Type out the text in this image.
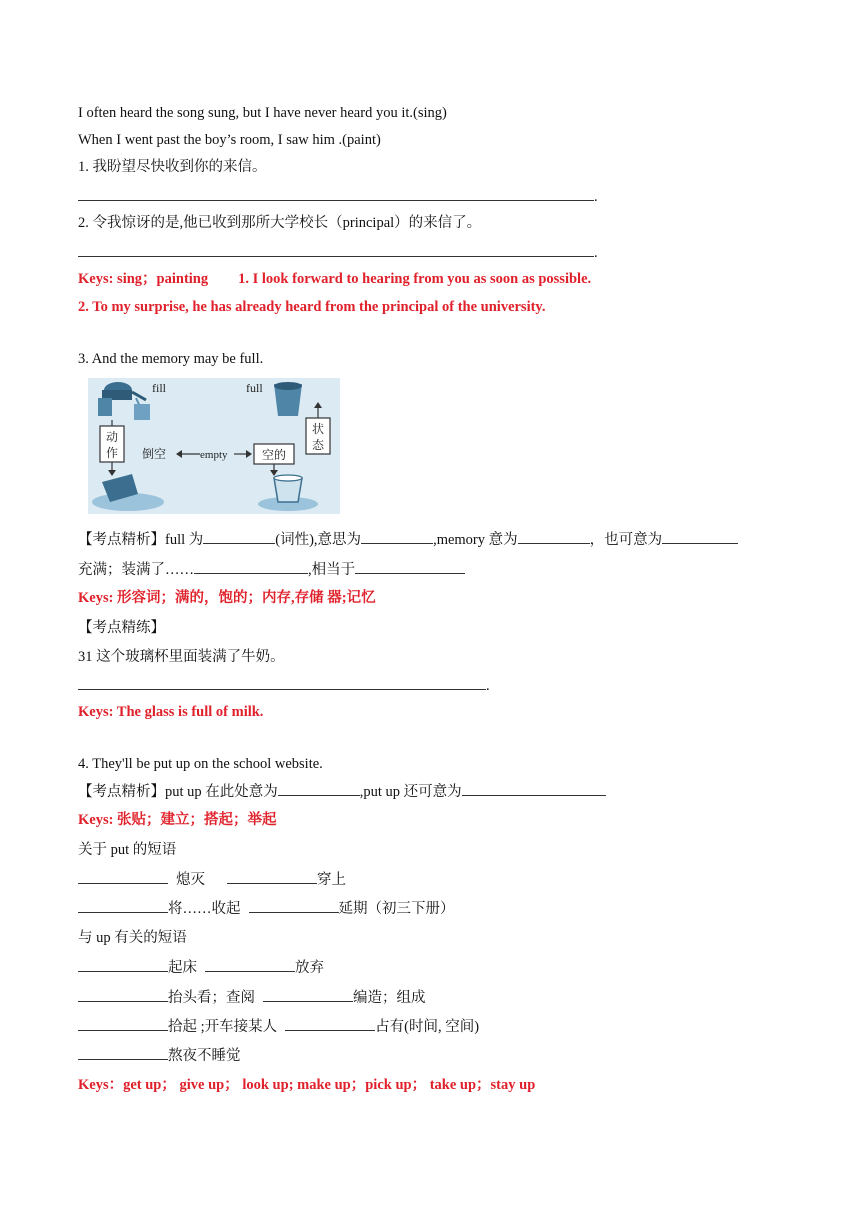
I often heard the song sung, but I have never heard you it.(sing)
When I went past the boy’s room, I saw him .(paint)
1. 我盼望尽快收到你的来信。
.
2. 令我惊讶的是,他已收到那所大学校长（principal）的来信了。
.
Keys: sing；painting 1. I look forward to hearing from you as soon as possible.
2. To my surprise, he has already heard from the principal of the university.
3. And the memory may be full.
fill	full
动
作
状
态
倒空	empty	空的
【考点精析】full 为	(词性),意思为	,memory 意为	，也可意为
充满；装满了……	,相当于
Keys: 形容词；满的，饱的；内存,存储 器;记忆
【考点精练】
31 这个玻璃杯里面装满了牛奶。
.
Keys: The glass is full of milk.
4. They'll be put up on the school website.
【考点精析】put up 在此处意为	,put up 还可意为
Keys: 张贴；建立；搭起；举起
关于 put 的短语
熄灭	穿上
将……收起	延期（初三下册）
与 up 有关的短语
起床	放弃
抬头看；查阅	编造；组成
拾起 ;开车接某人	占有(时间, 空间)
熬夜不睡觉
Keys：get up； give up； look up; make up；pick up； take up；stay up
